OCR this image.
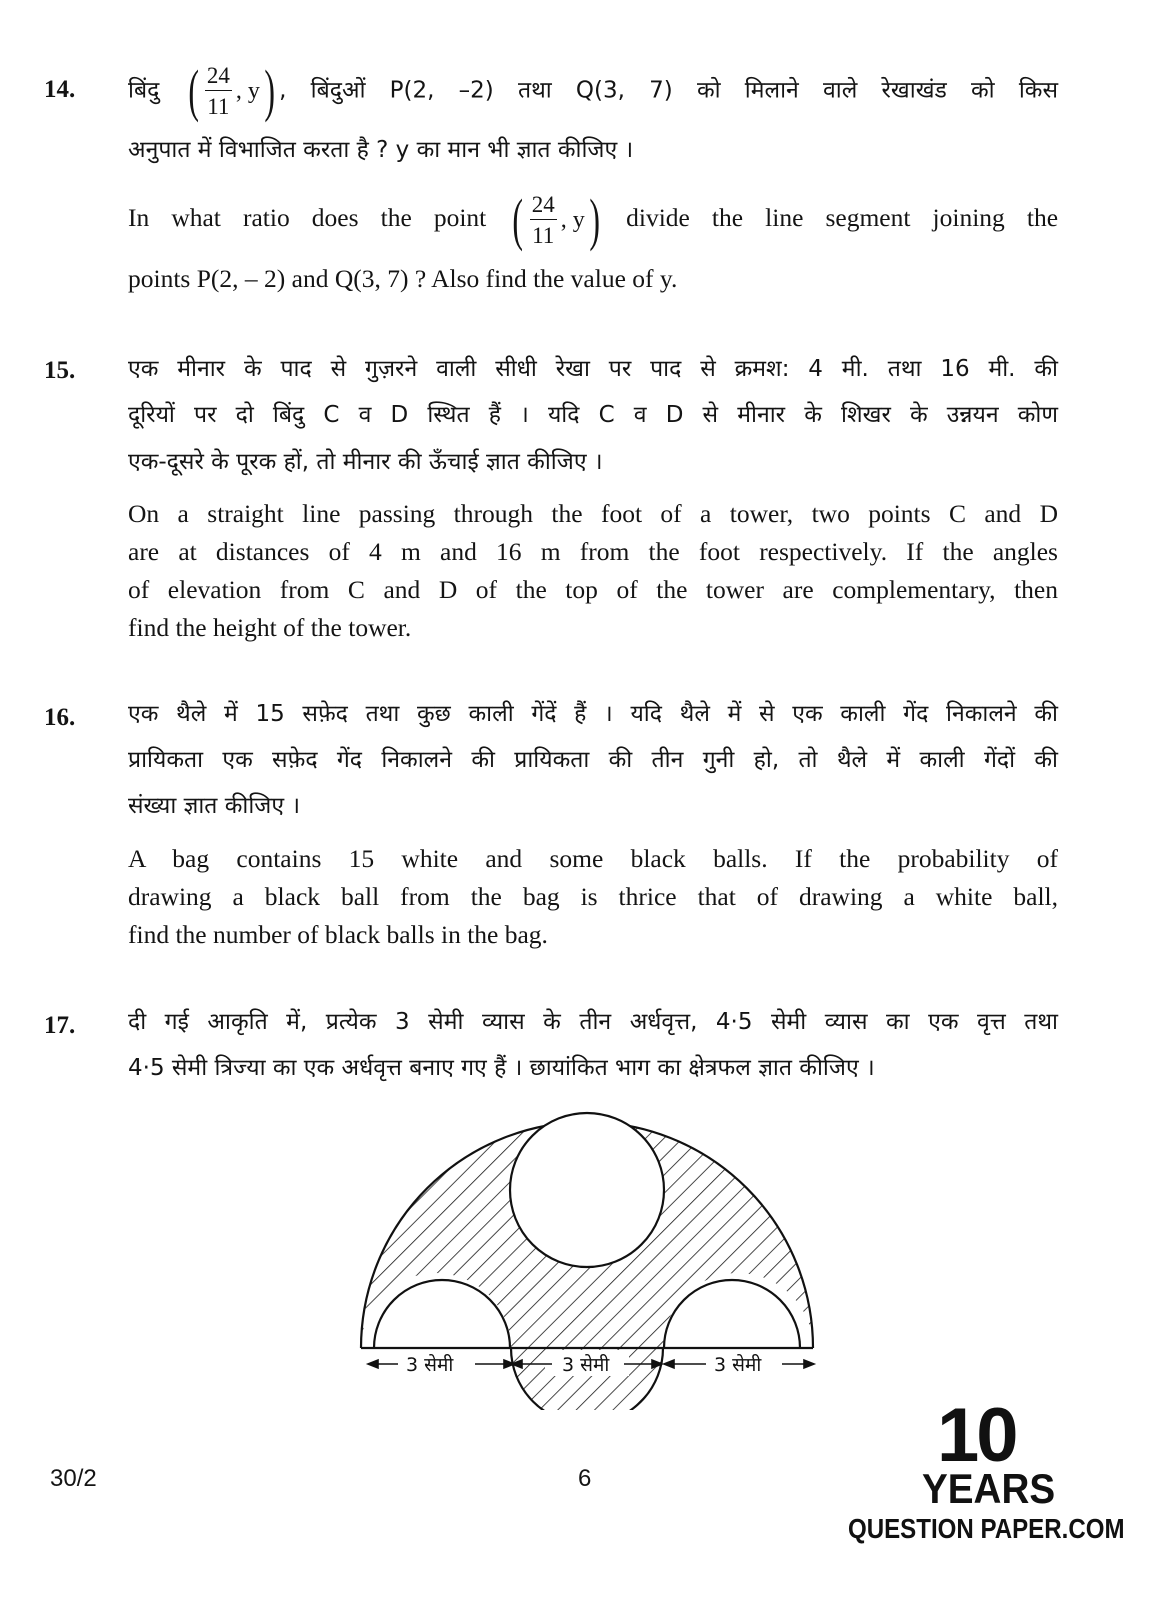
14. बिंदु ( $\frac{24}{11}$ , y ) , बिंदुओं P(2, –2) तथा Q(3, 7) को मिलाने वाले रेखाखंड को किस
अनुपात में विभाजित करता है ? y का मान भी ज्ञात कीजिए ।
In what ratio does the point ( $\frac{24}{11}$ , y ) divide the line segment joining the
points P(2, – 2) and Q(3, 7) ? Also find the value of y.
15. एक मीनार के पाद से गुज़रने वाली सीधी रेखा पर पाद से क्रमश: 4 मी. तथा 16 मी. की
दूरियों पर दो बिंदु C व D स्थित हैं । यदि C व D से मीनार के शिखर के उन्नयन कोण
एक-दूसरे के पूरक हों, तो मीनार की ऊँचाई ज्ञात कीजिए ।
On a straight line passing through the foot of a tower, two points C and D
are at distances of 4 m and 16 m from the foot respectively. If the angles
of elevation from C and D of the top of the tower are complementary, then
find the height of the tower.
16. एक थैले में 15 सफ़ेद तथा कुछ काली गेंदें हैं । यदि थैले में से एक काली गेंद निकालने की
प्रायिकता एक सफ़ेद गेंद निकालने की प्रायिकता की तीन गुनी हो, तो थैले में काली गेंदों की
संख्या ज्ञात कीजिए ।
A bag contains 15 white and some black balls. If the probability of
drawing a black ball from the bag is thrice that of drawing a white ball,
find the number of black balls in the bag.
17. दी गई आकृति में, प्रत्येक 3 सेमी व्यास के तीन अर्धवृत्त, 4·5 सेमी व्यास का एक वृत्त तथा
4·5 सेमी त्रिज्या का एक अर्धवृत्त बनाए गए हैं । छायांकित भाग का क्षेत्रफल ज्ञात कीजिए ।
3 सेमी	3 सेमी	3 सेमी
30/2	6
10
YEARS
QUESTION PAPER.COM
